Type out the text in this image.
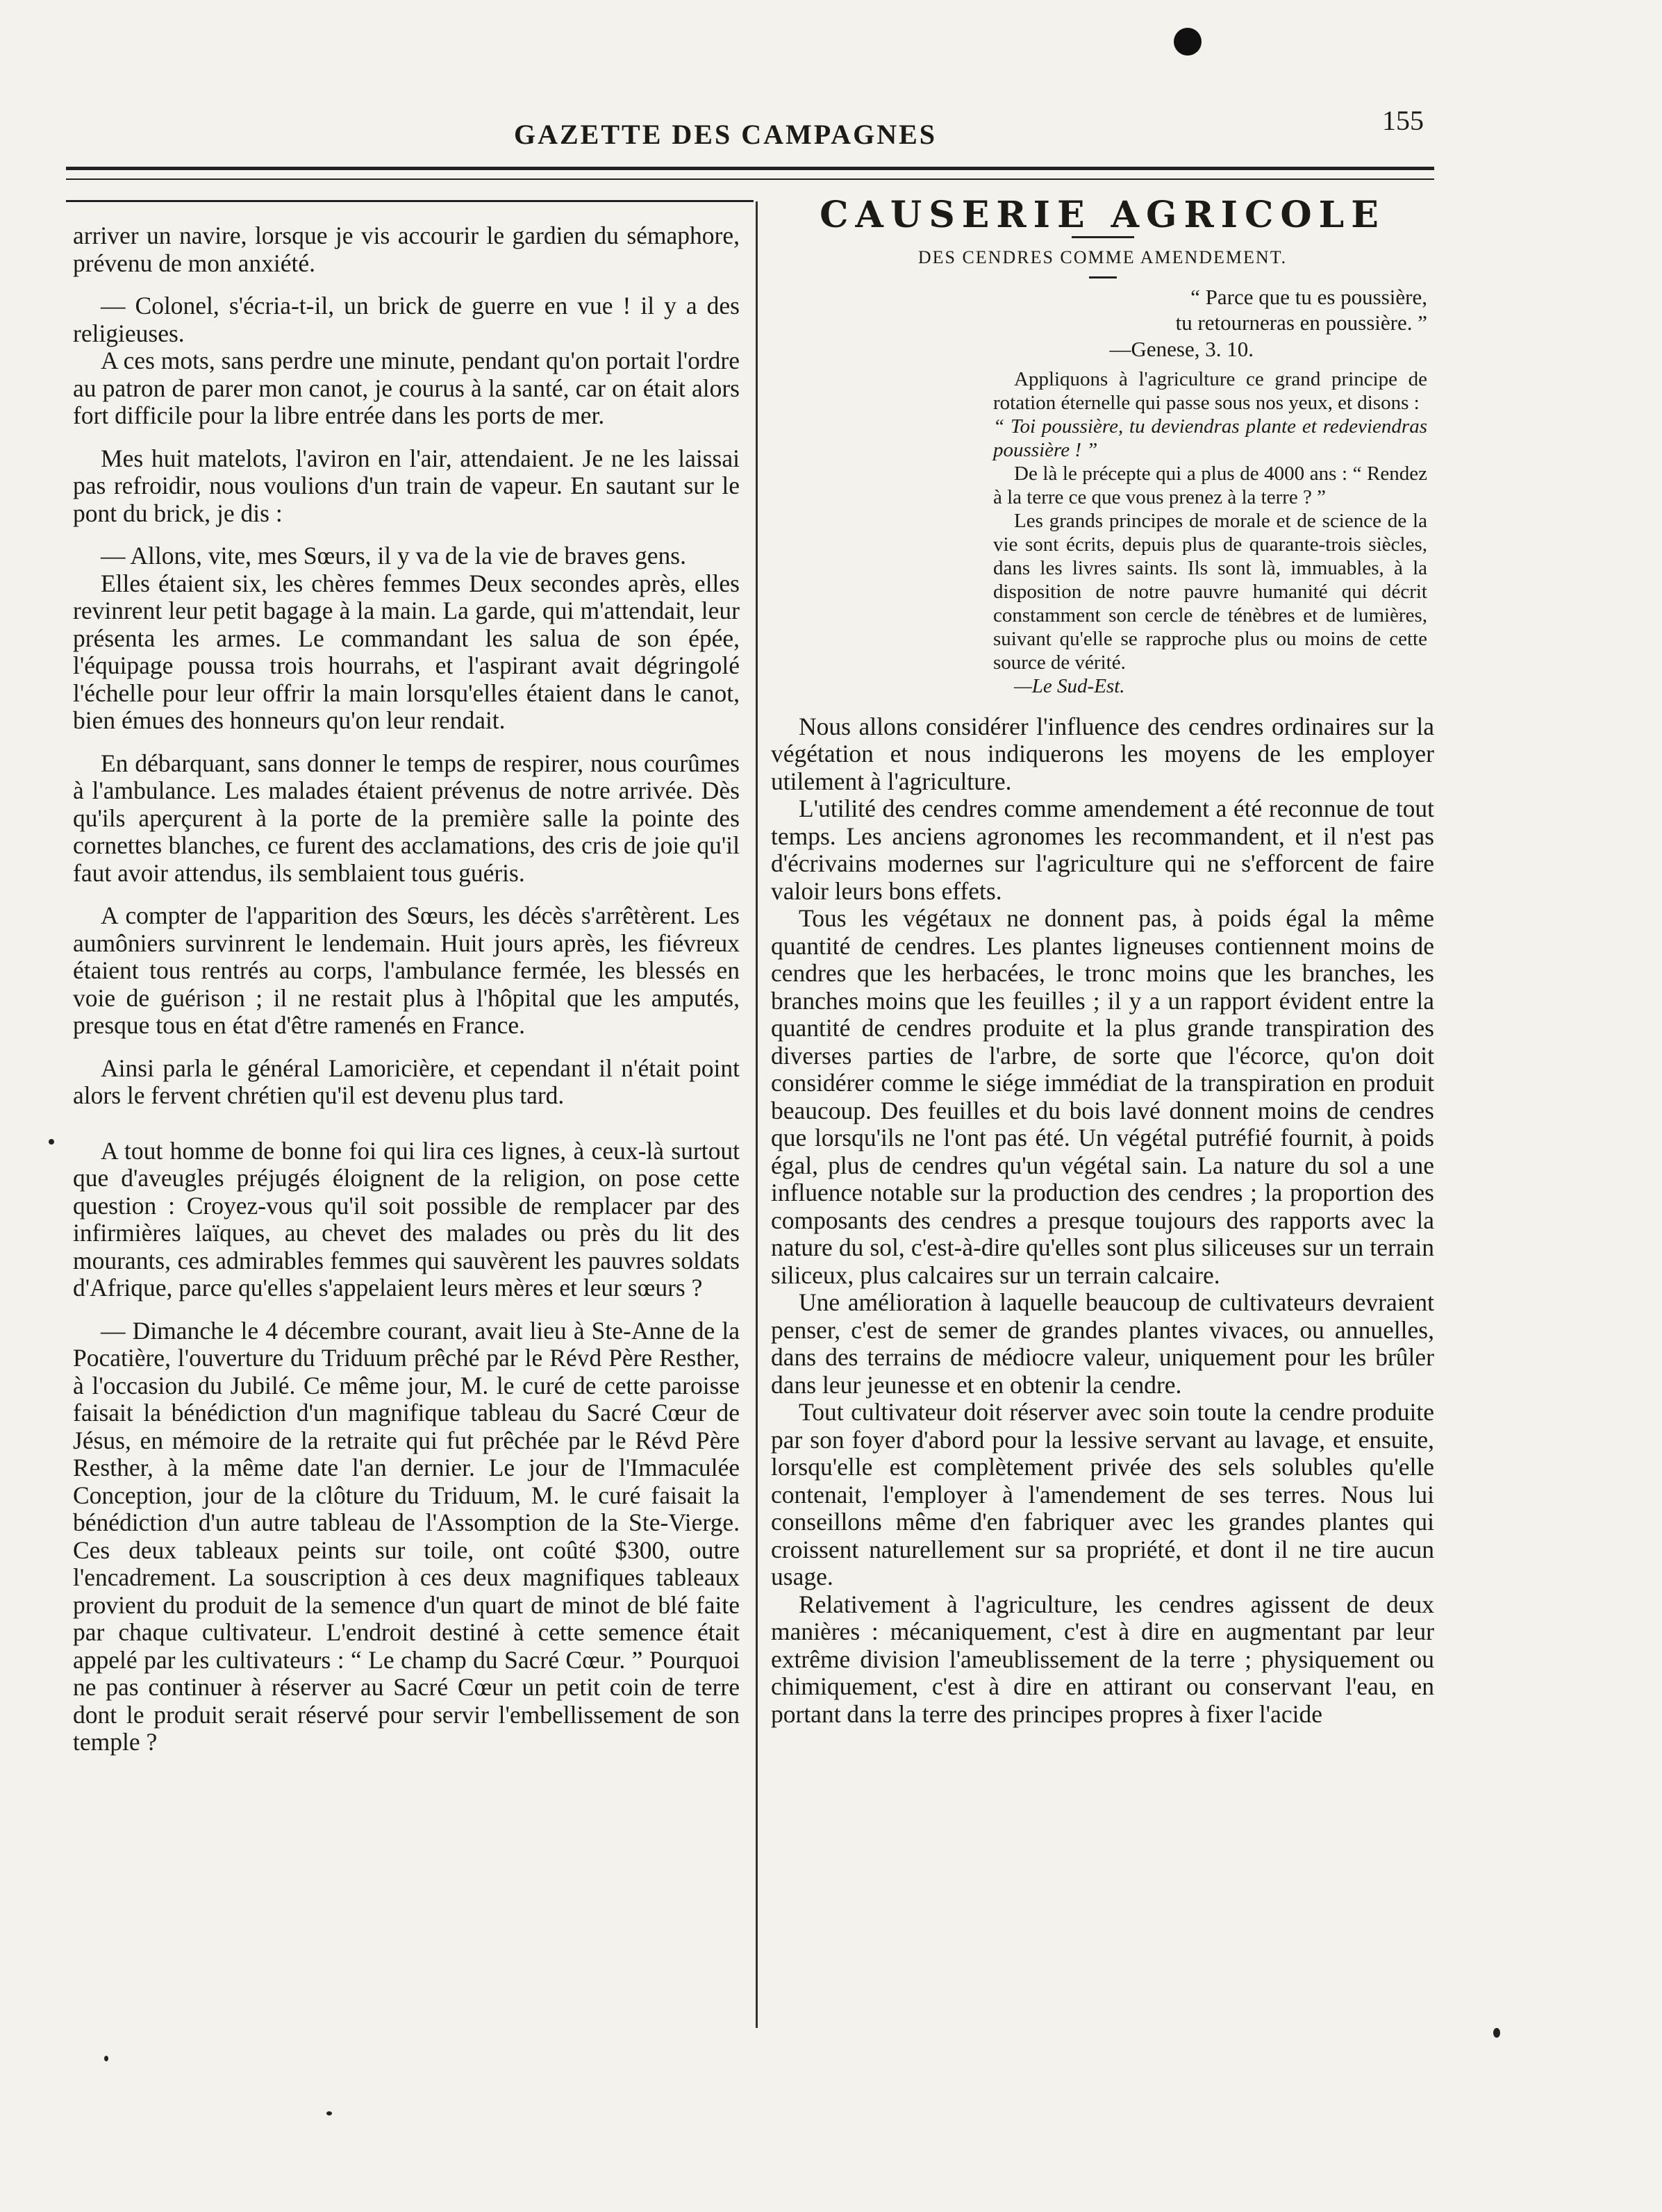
GAZETTE DES CAMPAGNES	155

arriver un navire, lorsque je vis accourir le gardien du sémaphore, prévenu de mon anxiété.

— Colonel, s'écria-t-il, un brick de guerre en vue ! il y a des religieuses.

A ces mots, sans perdre une minute, pendant qu'on portait l'ordre au patron de parer mon canot, je courus à la santé, car on était alors fort difficile pour la libre entrée dans les ports de mer.

Mes huit matelots, l'aviron en l'air, attendaient. Je ne les laissai pas refroidir, nous voulions d'un train de vapeur. En sautant sur le pont du brick, je dis :

— Allons, vite, mes Sœurs, il y va de la vie de braves gens.

Elles étaient six, les chères femmes Deux secondes après, elles revinrent leur petit bagage à la main. La garde, qui m'attendait, leur présenta les armes. Le commandant les salua de son épée, l'équipage poussa trois hourrahs, et l'aspirant avait dégringolé l'échelle pour leur offrir la main lorsqu'elles étaient dans le canot, bien émues des honneurs qu'on leur rendait.

En débarquant, sans donner le temps de respirer, nous courûmes à l'ambulance. Les malades étaient prévenus de notre arrivée. Dès qu'ils aperçurent à la porte de la première salle la pointe des cornettes blanches, ce furent des acclamations, des cris de joie qu'il faut avoir attendus, ils semblaient tous guéris.

A compter de l'apparition des Sœurs, les décès s'arrêtèrent. Les aumôniers survinrent le lendemain. Huit jours après, les fiévreux étaient tous rentrés au corps, l'ambulance fermée, les blessés en voie de guérison ; il ne restait plus à l'hôpital que les amputés, presque tous en état d'être ramenés en France.

Ainsi parla le général Lamoricière, et cependant il n'était point alors le fervent chrétien qu'il est devenu plus tard.

A tout homme de bonne foi qui lira ces lignes, à ceux-là surtout que d'aveugles préjugés éloignent de la religion, on pose cette question : Croyez-vous qu'il soit possible de remplacer par des infirmières laïques, au chevet des malades ou près du lit des mourants, ces admirables femmes qui sauvèrent les pauvres soldats d'Afrique, parce qu'elles s'appelaient leurs mères et leur sœurs ?

— Dimanche le 4 décembre courant, avait lieu à Ste-Anne de la Pocatière, l'ouverture du Triduum prêché par le Révd Père Resther, à l'occasion du Jubilé. Ce même jour, M. le curé de cette paroisse faisait la bénédiction d'un magnifique tableau du Sacré Cœur de Jésus, en mémoire de la retraite qui fut prêchée par le Révd Père Resther, à la même date l'an dernier. Le jour de l'Immaculée Conception, jour de la clôture du Triduum, M. le curé faisait la bénédiction d'un autre tableau de l'Assomption de la Ste-Vierge. Ces deux tableaux peints sur toile, ont coûté $300, outre l'encadrement. La souscription à ces deux magnifiques tableaux provient du produit de la semence d'un quart de minot de blé faite par chaque cultivateur. L'endroit destiné à cette semence était appelé par les cultivateurs : “ Le champ du Sacré Cœur. ” Pourquoi ne pas continuer à réserver au Sacré Cœur un petit coin de terre dont le produit serait réservé pour servir l'embellissement de son temple ?

CAUSERIE AGRICOLE
DES CENDRES COMME AMENDEMENT.
“ Parce que tu es poussière,
tu retourneras en poussière. ”
—Genese, 3. 10.

Appliquons à l'agriculture ce grand principe de rotation éternelle qui passe sous nos yeux, et disons :

“ Toi poussière, tu deviendras plante et redeviendras poussière ! ”

De là le précepte qui a plus de 4000 ans : “ Rendez à la terre ce que vous prenez à la terre ? ”

Les grands principes de morale et de science de la vie sont écrits, depuis plus de quarante-trois siècles, dans les livres saints. Ils sont là, immuables, à la disposition de notre pauvre humanité qui décrit constamment son cercle de ténèbres et de lumières, suivant qu'elle se rapproche plus ou moins de cette source de vérité.

—Le Sud-Est.

Nous allons considérer l'influence des cendres ordinaires sur la végétation et nous indiquerons les moyens de les employer utilement à l'agriculture.

L'utilité des cendres comme amendement a été reconnue de tout temps. Les anciens agronomes les recommandent, et il n'est pas d'écrivains modernes sur l'agriculture qui ne s'efforcent de faire valoir leurs bons effets.

Tous les végétaux ne donnent pas, à poids égal la même quantité de cendres. Les plantes ligneuses contiennent moins de cendres que les herbacées, le tronc moins que les branches, les branches moins que les feuilles ; il y a un rapport évident entre la quantité de cendres produite et la plus grande transpiration des diverses parties de l'arbre, de sorte que l'écorce, qu'on doit considérer comme le siége immédiat de la transpiration en produit beaucoup. Des feuilles et du bois lavé donnent moins de cendres que lorsqu'ils ne l'ont pas été. Un végétal putréfié fournit, à poids égal, plus de cendres qu'un végétal sain. La nature du sol a une influence notable sur la production des cendres ; la proportion des composants des cendres a presque toujours des rapports avec la nature du sol, c'est-à-dire qu'elles sont plus siliceuses sur un terrain siliceux, plus calcaires sur un terrain calcaire.

Une amélioration à laquelle beaucoup de cultivateurs devraient penser, c'est de semer de grandes plantes vivaces, ou annuelles, dans des terrains de médiocre valeur, uniquement pour les brûler dans leur jeunesse et en obtenir la cendre.

Tout cultivateur doit réserver avec soin toute la cendre produite par son foyer d'abord pour la lessive servant au lavage, et ensuite, lorsqu'elle est complètement privée des sels solubles qu'elle contenait, l'employer à l'amendement de ses terres. Nous lui conseillons même d'en fabriquer avec les grandes plantes qui croissent naturellement sur sa propriété, et dont il ne tire aucun usage.

Relativement à l'agriculture, les cendres agissent de deux manières : mécaniquement, c'est à dire en augmentant par leur extrême division l'ameublissement de la terre ; physiquement ou chimiquement, c'est à dire en attirant ou conservant l'eau, en portant dans la terre des principes propres à fixer l'acide
